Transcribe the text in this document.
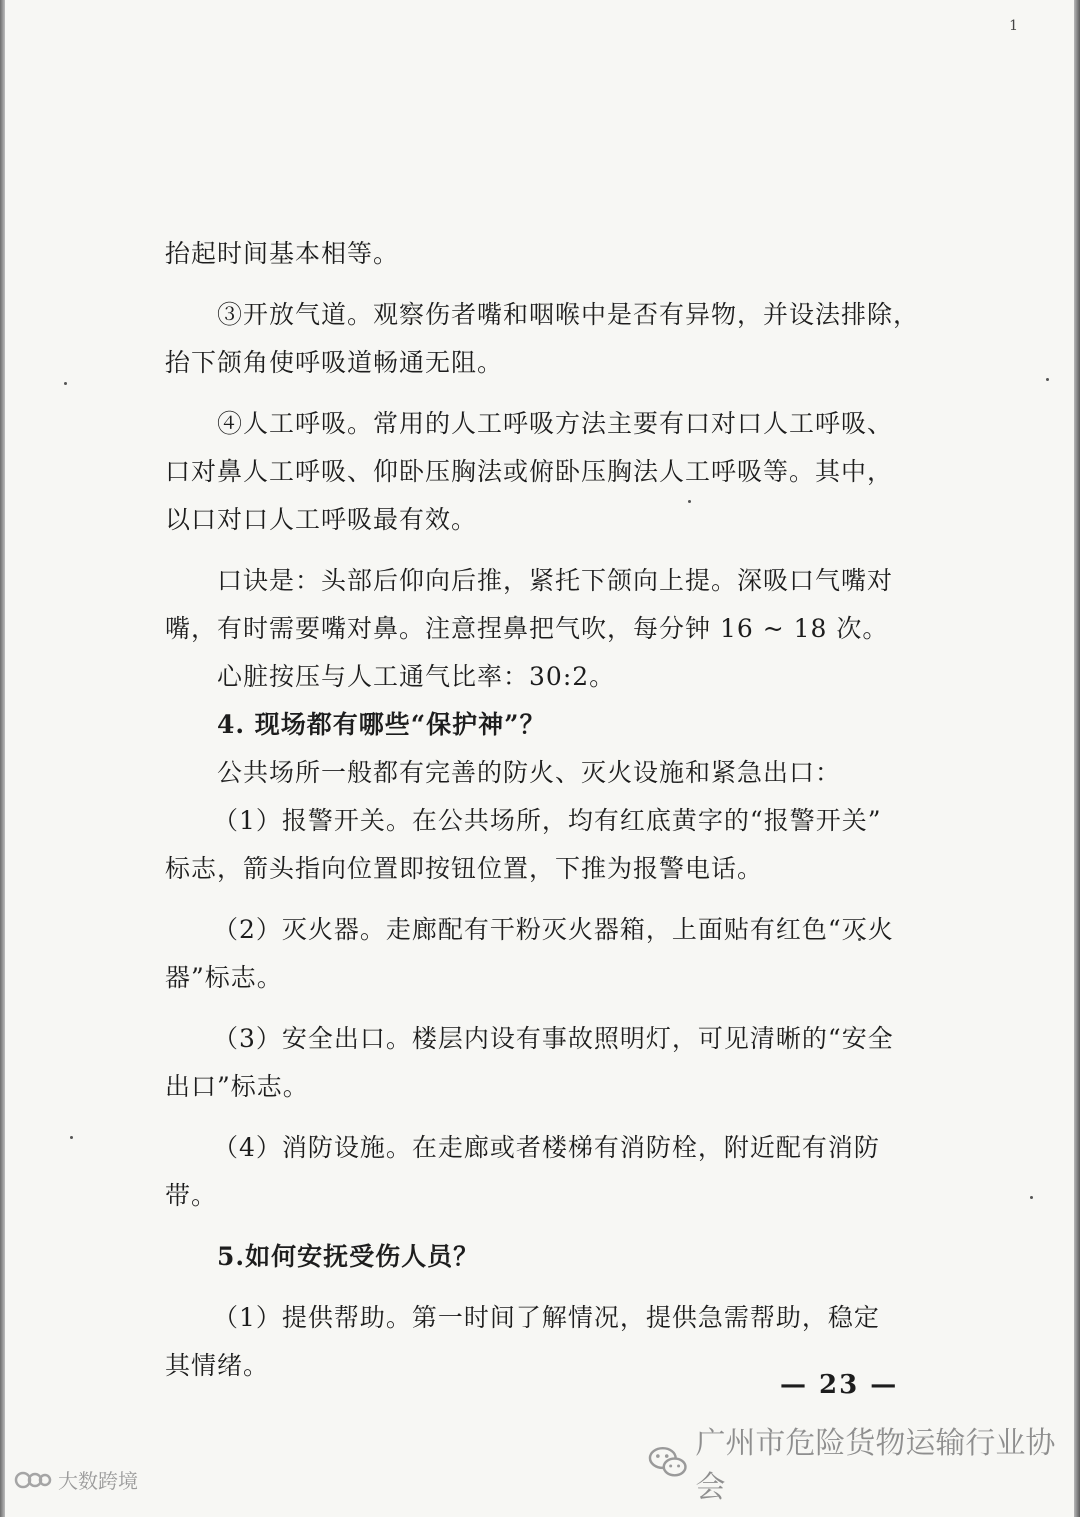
1
抬起时间基本相等。
③开放气道。观察伤者嘴和咽喉中是否有异物，并设法排除，
抬下颌角使呼吸道畅通无阻。
④人工呼吸。常用的人工呼吸方法主要有口对口人工呼吸、
口对鼻人工呼吸、仰卧压胸法或俯卧压胸法人工呼吸等。其中，
以口对口人工呼吸最有效。
口诀是：头部后仰向后推，紧托下颌向上提。深吸口气嘴对
嘴，有时需要嘴对鼻。注意捏鼻把气吹，每分钟 16 ~ 18 次。
心脏按压与人工通气比率：30:2。
4. 现场都有哪些“保护神”？
公共场所一般都有完善的防火、灭火设施和紧急出口：
（1）报警开关。在公共场所，均有红底黄字的“报警开关”
标志，箭头指向位置即按钮位置，下推为报警电话。
（2）灭火器。走廊配有干粉灭火器箱，上面贴有红色“灭火
器”标志。
（3）安全出口。楼层内设有事故照明灯，可见清晰的“安全
出口”标志。
（4）消防设施。在走廊或者楼梯有消防栓，附近配有消防
带。
5.如何安抚受伤人员？
（1）提供帮助。第一时间了解情况，提供急需帮助，稳定
其情绪。
— 23 —
广州市危险货物运输行业协会
大数跨境
